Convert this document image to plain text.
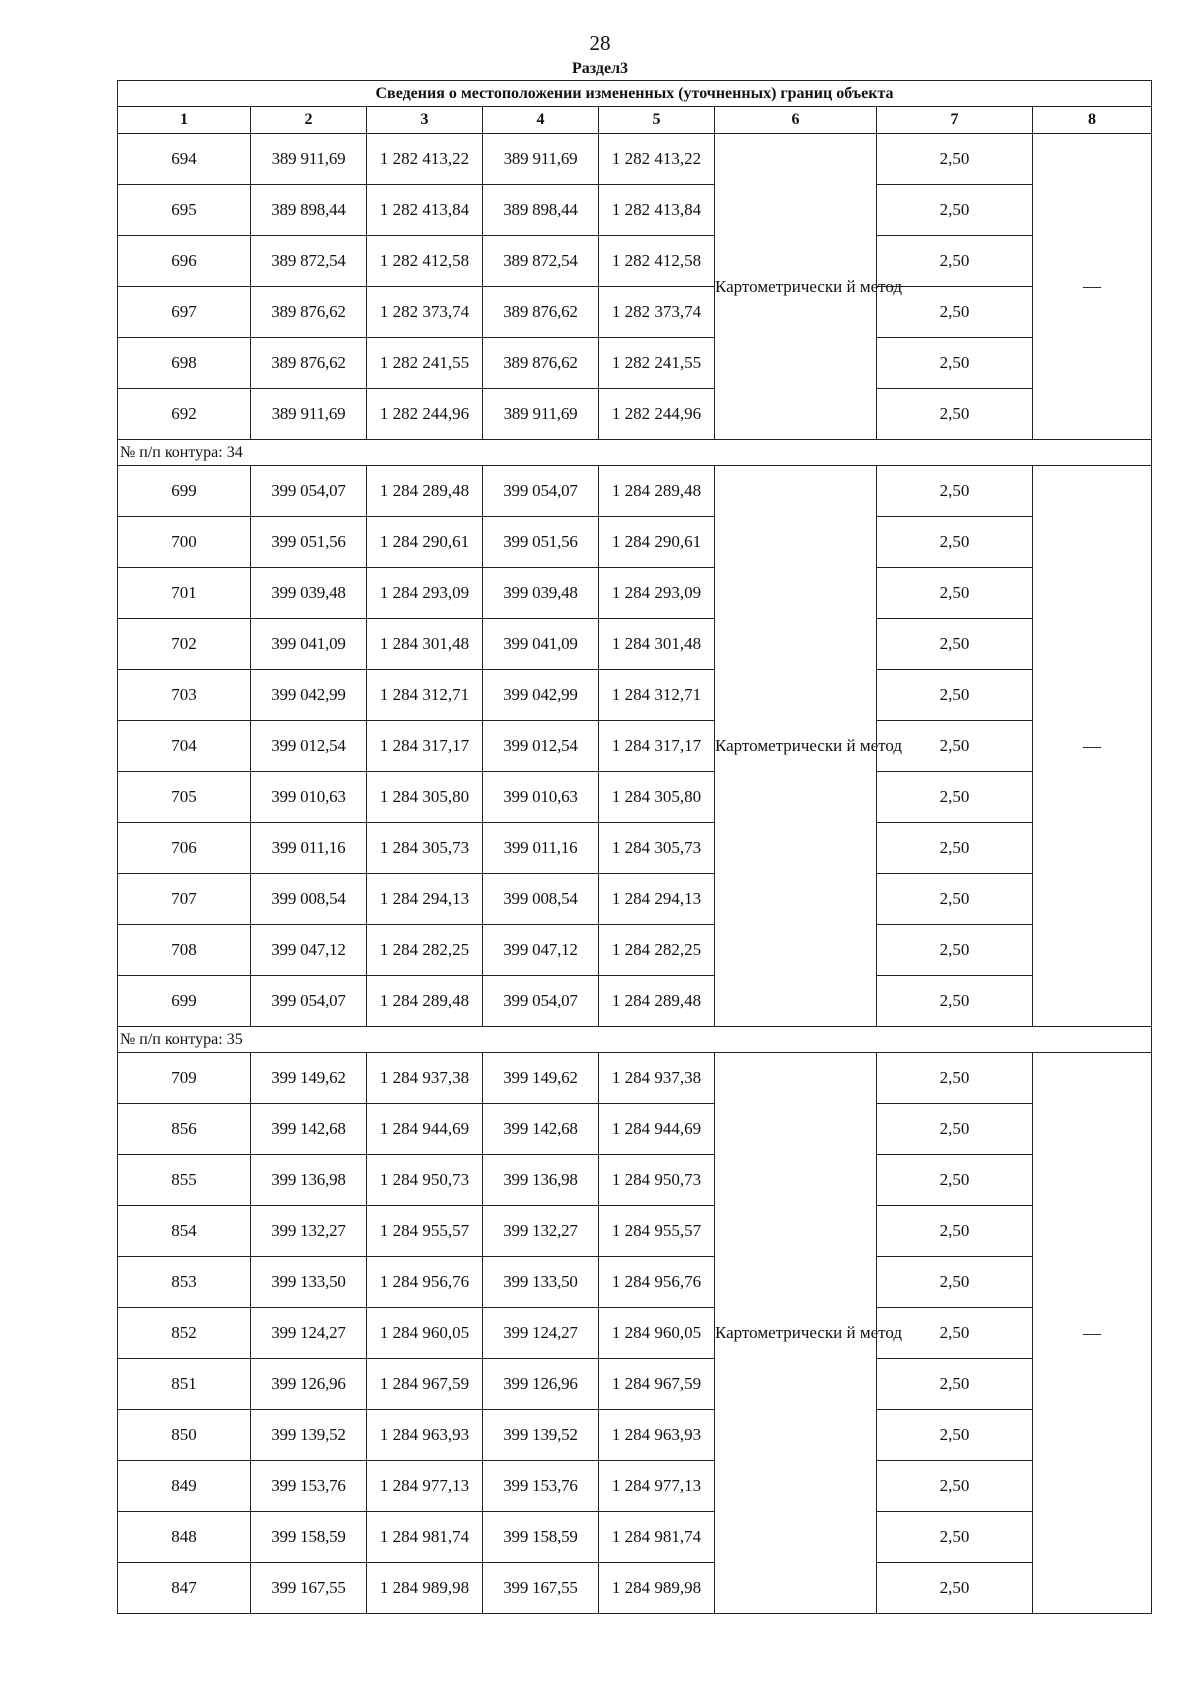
28
Раздел3
Сведения о местоположении измененных (уточненных) границ объекта							
1	2	3	4	5	6	7	8
694	389 911,69	1 282 413,22	389 911,69	1 282 413,22	Картометрически й метод	2,50	—
695	389 898,44	1 282 413,84	389 898,44	1 282 413,84		2,50	
696	389 872,54	1 282 412,58	389 872,54	1 282 412,58		2,50	
697	389 876,62	1 282 373,74	389 876,62	1 282 373,74		2,50	
698	389 876,62	1 282 241,55	389 876,62	1 282 241,55		2,50	
692	389 911,69	1 282 244,96	389 911,69	1 282 244,96		2,50	
№ п/п контура: 34							
699	399 054,07	1 284 289,48	399 054,07	1 284 289,48	Картометрически й метод	2,50	—
700	399 051,56	1 284 290,61	399 051,56	1 284 290,61		2,50	
701	399 039,48	1 284 293,09	399 039,48	1 284 293,09		2,50	
702	399 041,09	1 284 301,48	399 041,09	1 284 301,48		2,50	
703	399 042,99	1 284 312,71	399 042,99	1 284 312,71		2,50	
704	399 012,54	1 284 317,17	399 012,54	1 284 317,17		2,50	
705	399 010,63	1 284 305,80	399 010,63	1 284 305,80		2,50	
706	399 011,16	1 284 305,73	399 011,16	1 284 305,73		2,50	
707	399 008,54	1 284 294,13	399 008,54	1 284 294,13		2,50	
708	399 047,12	1 284 282,25	399 047,12	1 284 282,25		2,50	
699	399 054,07	1 284 289,48	399 054,07	1 284 289,48		2,50	
№ п/п контура: 35							
709	399 149,62	1 284 937,38	399 149,62	1 284 937,38	Картометрически й метод	2,50	—
856	399 142,68	1 284 944,69	399 142,68	1 284 944,69		2,50	
855	399 136,98	1 284 950,73	399 136,98	1 284 950,73		2,50	
854	399 132,27	1 284 955,57	399 132,27	1 284 955,57		2,50	
853	399 133,50	1 284 956,76	399 133,50	1 284 956,76		2,50	
852	399 124,27	1 284 960,05	399 124,27	1 284 960,05		2,50	
851	399 126,96	1 284 967,59	399 126,96	1 284 967,59		2,50	
850	399 139,52	1 284 963,93	399 139,52	1 284 963,93		2,50	
849	399 153,76	1 284 977,13	399 153,76	1 284 977,13		2,50	
848	399 158,59	1 284 981,74	399 158,59	1 284 981,74		2,50	
847	399 167,55	1 284 989,98	399 167,55	1 284 989,98		2,50	
